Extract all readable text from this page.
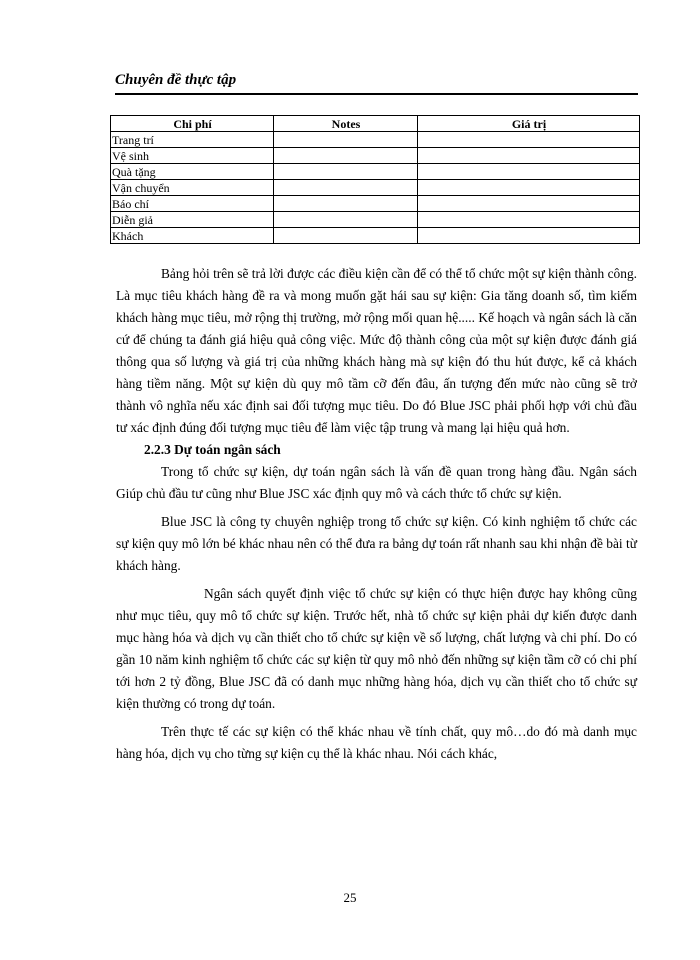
Chuyên đề thực tập
Chi phí	Notes	Giá trị
Trang trí		
Vệ sinh		
Quà tặng		
Vận chuyển		
Báo chí		
Diễn giả		
Khách		

Bảng hỏi trên sẽ trả lời được các điều kiện cần để có thể tổ chức một sự kiện thành công. Là mục tiêu khách hàng đề ra và mong muốn gặt hái sau sự kiện: Gia tăng doanh số, tìm kiếm khách hàng mục tiêu, mở rộng thị trường, mở rộng mối quan hệ..... Kế hoạch và ngân sách là căn cứ để chúng ta đánh giá hiệu quả công việc. Mức độ thành công của một sự kiện được đánh giá thông qua số lượng và giá trị của những khách hàng mà sự kiện đó thu hút được, kể cả khách hàng tiềm năng. Một sự kiện dù quy mô tầm cỡ đến đâu, ấn tượng đến mức nào cũng sẽ trở thành vô nghĩa nếu xác định sai đối tượng mục tiêu. Do đó Blue JSC phải phối hợp với chủ đầu tư xác định đúng đối tượng mục tiêu để làm việc tập trung và mang lại hiệu quả hơn.

2.2.3 Dự toán ngân sách

Trong tổ chức sự kiện, dự toán ngân sách là vấn đề quan trong hàng đầu. Ngân sách Giúp chủ đầu tư cũng như Blue JSC xác định quy mô và cách thức tổ chức sự kiện.

Blue JSC là công ty chuyên nghiệp trong tổ chức sự kiện. Có kinh nghiệm tổ chức các sự kiện quy mô lớn bé khác nhau nên có thể đưa ra bảng dự toán rất nhanh sau khi nhận đề bài từ khách hàng.

Ngân sách quyết định việc tổ chức sự kiện có thực hiện được hay không cũng như mục tiêu, quy mô tổ chức sự kiện. Trước hết, nhà tổ chức sự kiện phải dự kiến được danh mục hàng hóa và dịch vụ cần thiết cho tổ chức sự kiện về số lượng, chất lượng và chi phí. Do có gần 10 năm kinh nghiệm tổ chức các sự kiện từ quy mô nhỏ đến những sự kiện tầm cỡ có chi phí tới hơn 2 tỷ đồng, Blue JSC đã có danh mục những hàng hóa, dịch vụ cần thiết cho tổ chức sự kiện thường có trong dự toán.

Trên thực tế các sự kiện có thể khác nhau về tính chất, quy mô…do đó mà danh mục hàng hóa, dịch vụ cho từng sự kiện cụ thể là khác nhau. Nói cách khác,

25
